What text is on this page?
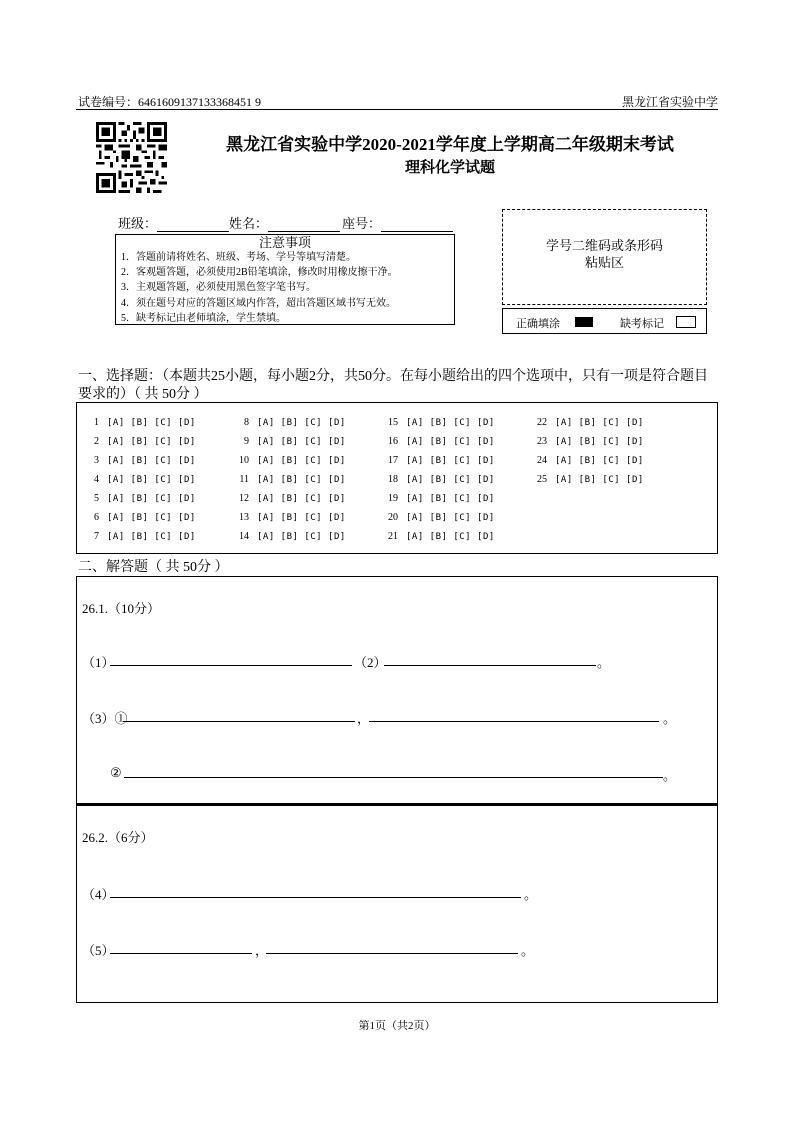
试卷编号：6461609137133368451 9	黑龙江省实验中学
黑龙江省实验中学2020-2021学年度上学期高二年级期末考试
理科化学试题
班级：	姓名：	座号：
注意事项
1．答题前请将姓名、班级、考场、学号等填写清楚。
2．客观题答题，必须使用2B铅笔填涂，修改时用橡皮擦干净。
3．主观题答题，必须使用黑色签字笔书写。
4．须在题号对应的答题区域内作答，超出答题区域书写无效。
5．缺考标记由老师填涂，学生禁填。
学号二维码或条形码
粘贴区
正确填涂	缺考标记
一、选择题：（本题共25小题，每小题2分，共50分。在每小题给出的四个选项中，只有一项是符合题目要求的）（ 共 50分 ）
1 [A] [B] [C] [D]
2 [A] [B] [C] [D]
3 [A] [B] [C] [D]
4 [A] [B] [C] [D]
5 [A] [B] [C] [D]
6 [A] [B] [C] [D]
7 [A] [B] [C] [D]
8 [A] [B] [C] [D]
9 [A] [B] [C] [D]
10 [A] [B] [C] [D]
11 [A] [B] [C] [D]
12 [A] [B] [C] [D]
13 [A] [B] [C] [D]
14 [A] [B] [C] [D]
15 [A] [B] [C] [D]
16 [A] [B] [C] [D]
17 [A] [B] [C] [D]
18 [A] [B] [C] [D]
19 [A] [B] [C] [D]
20 [A] [B] [C] [D]
21 [A] [B] [C] [D]
22 [A] [B] [C] [D]
23 [A] [B] [C] [D]
24 [A] [B] [C] [D]
25 [A] [B] [C] [D]
二、解答题（ 共 50分 ）
26.1.（10分）
（1）	（2）	。
（3）①	，	。
②	。
26.2.（6分）
（4）	。
（5）	，	。
第1页（共2页）
